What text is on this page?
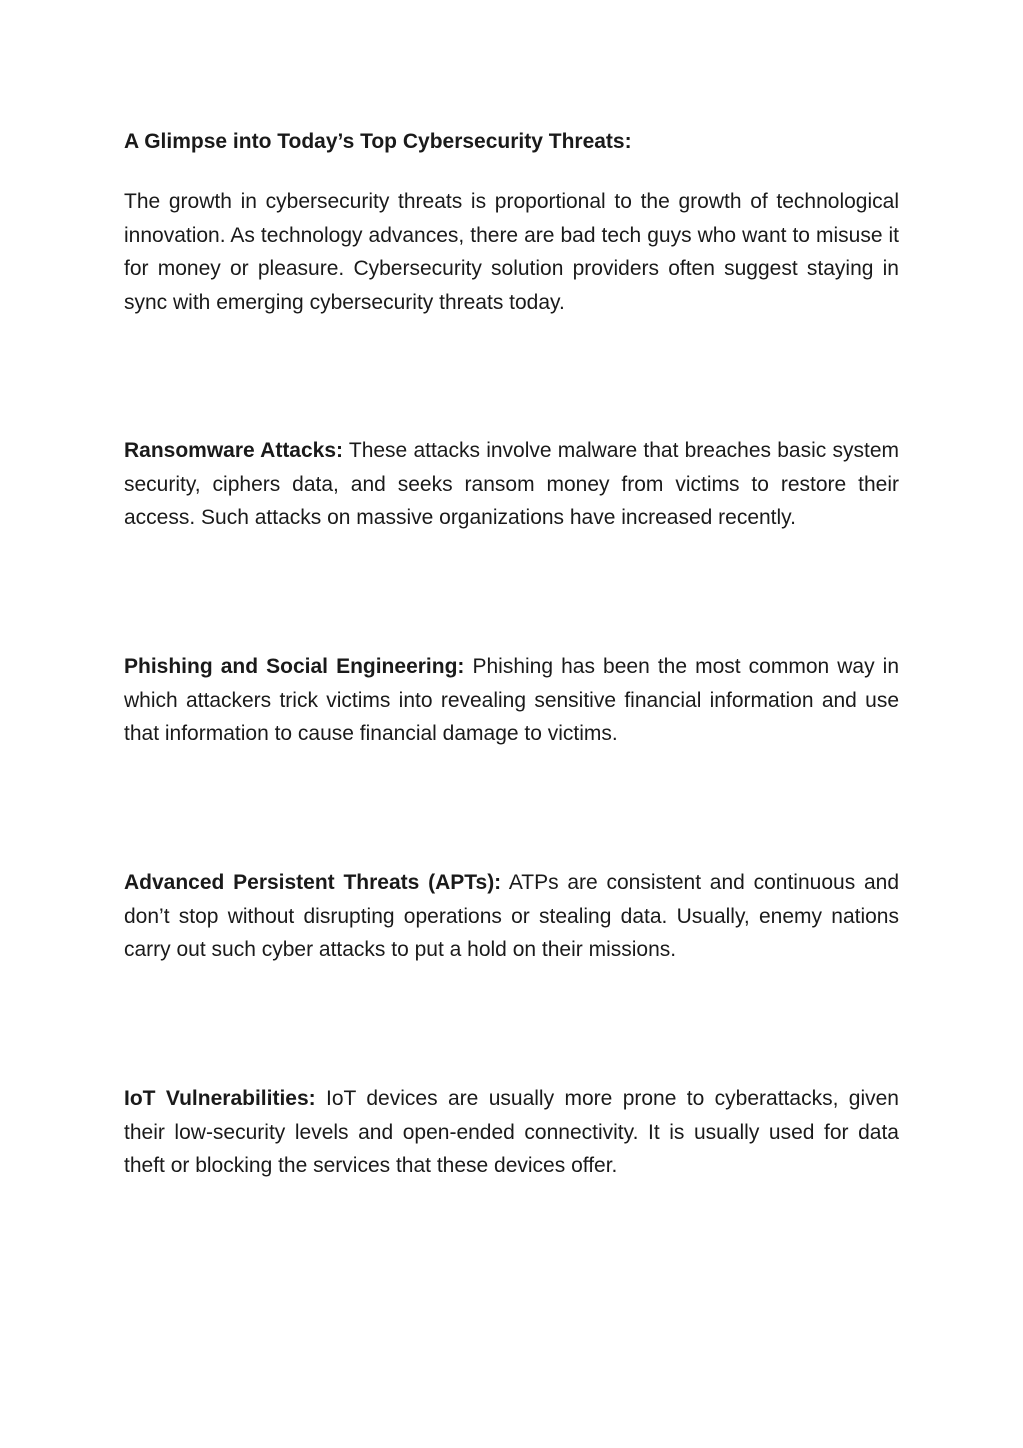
A Glimpse into Today’s Top Cybersecurity Threats:

The growth in cybersecurity threats is proportional to the growth of technological innovation. As technology advances, there are bad tech guys who want to misuse it for money or pleasure. Cybersecurity solution providers often suggest staying in sync with emerging cybersecurity threats today.

Ransomware Attacks: These attacks involve malware that breaches basic system security, ciphers data, and seeks ransom money from victims to restore their access. Such attacks on massive organizations have increased recently.

Phishing and Social Engineering: Phishing has been the most common way in which attackers trick victims into revealing sensitive financial information and use that information to cause financial damage to victims.

Advanced Persistent Threats (APTs): ATPs are consistent and continuous and don’t stop without disrupting operations or stealing data. Usually, enemy nations carry out such cyber attacks to put a hold on their missions.

IoT Vulnerabilities: IoT devices are usually more prone to cyberattacks, given their low-security levels and open-ended connectivity. It is usually used for data theft or blocking the services that these devices offer.
